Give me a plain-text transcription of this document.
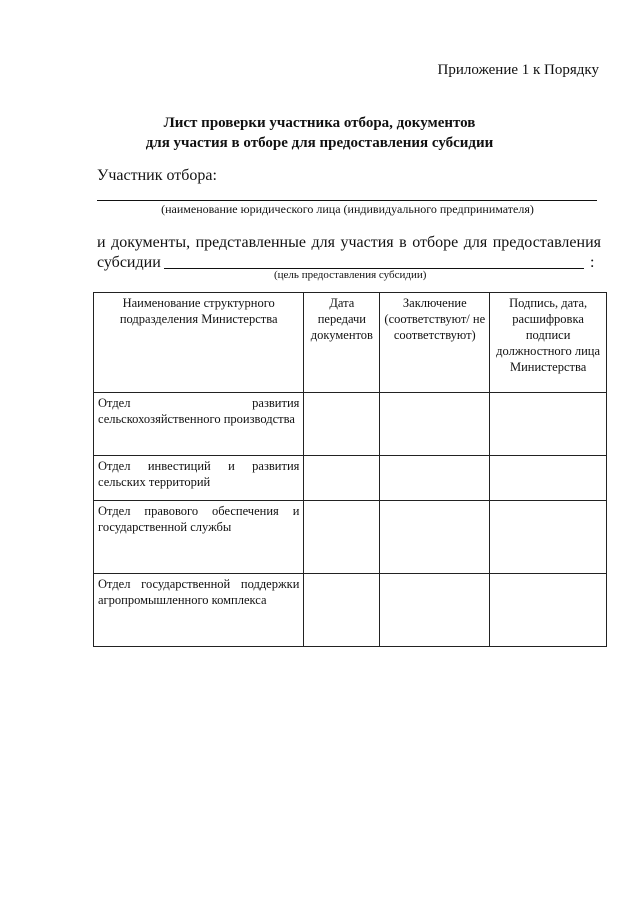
Приложение 1 к Порядку
Лист проверки участника отбора, документов
для участия в отборе для предоставления субсидии
Участник отбора:
(наименование юридического лица (индивидуального предпринимателя)
и документы, представленные для участия в отборе для предоставления
субсидии	:
(цель предоставления субсидии)
Наименование структурного подразделения Министерства	Дата передачи документов	Заключение (соответствуют/ не соответствуют)	Подпись, дата, расшифровка подписи должностного лица Министерства
Отдел развития сельскохозяйственного производства			
Отдел инвестиций и развития сельских территорий			
Отдел правового обеспечения и государственной службы			
Отдел государственной поддержки агропромышленного комплекса			
